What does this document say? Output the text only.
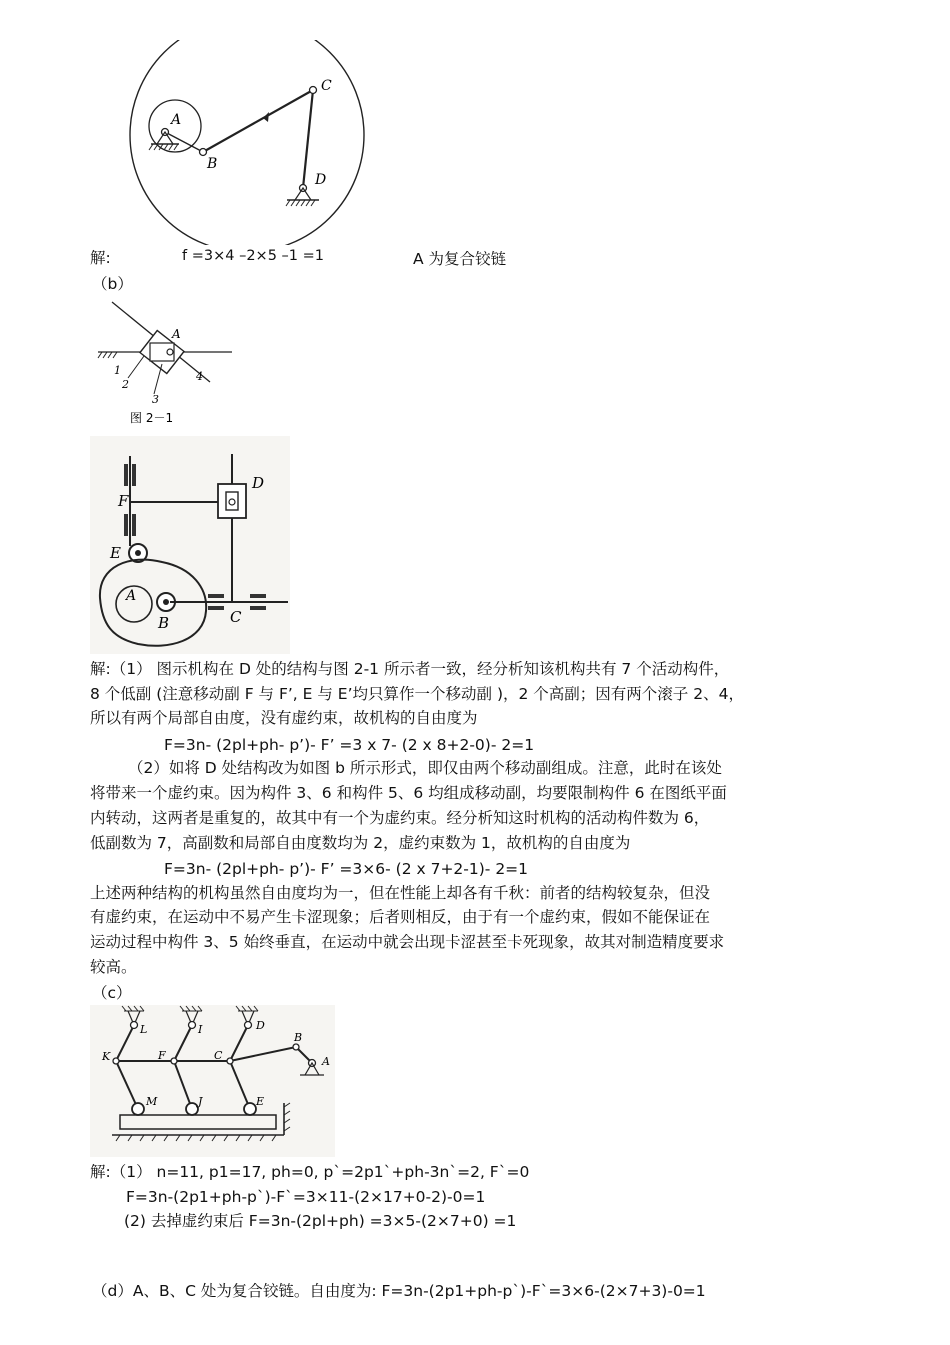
A
B
C
D
解:	f =3×4 –2×5 –1 =1	A 为复合铰链
（b）
A
1
2
3
4
图 2－1
D
F
E
A
B	C
解:（1） 图示机构在 D 处的结构与图 2-1 所示者一致，经分析知该机构共有 7 个活动构件，
8 个低副 (注意移动副 F 与 F’, E 与 E’均只算作一个移动副 )，2 个高副；因有两个滚子 2、4，
所以有两个局部自由度，没有虚约束，故机构的自由度为
F=3n- (2pl+ph- p’)- F’ =3 x 7- (2 x 8+2-0)- 2=1
（2）如将 D 处结构改为如图 b 所示形式，即仅由两个移动副组成。注意，此时在该处
将带来一个虚约束。因为构件 3、6 和构件 5、6 均组成移动副，均要限制构件 6 在图纸平面
内转动，这两者是重复的，故其中有一个为虚约束。经分析知这时机构的活动构件数为 6，
低副数为 7，高副数和局部自由度数均为 2，虚约束数为 1，故机构的自由度为
F=3n- (2pl+ph- p’)- F’ =3×6- (2 x 7+2-1)- 2=1
上述两种结构的机构虽然自由度均为一，但在性能上却各有千秋：前者的结构较复杂，但没
有虚约束，在运动中不易产生卡涩现象；后者则相反，由于有一个虚约束，假如不能保证在
运动过程中构件 3、5 始终垂直，在运动中就会出现卡涩甚至卡死现象，故其对制造精度要求
较高。
（c）
L	I	D
K	F	C
B
A
M	J	E
解:（1） n=11, p1=17, ph=0, p`=2p1`+ph-3n`=2, F`=0
F=3n-(2p1+ph-p`)-F`=3×11-(2×17+0-2)-0=1
(2) 去掉虚约束后 F=3n-(2pl+ph) =3×5-(2×7+0) =1
（d）A、B、C 处为复合铰链。自由度为: F=3n-(2p1+ph-p`)-F`=3×6-(2×7+3)-0=1
